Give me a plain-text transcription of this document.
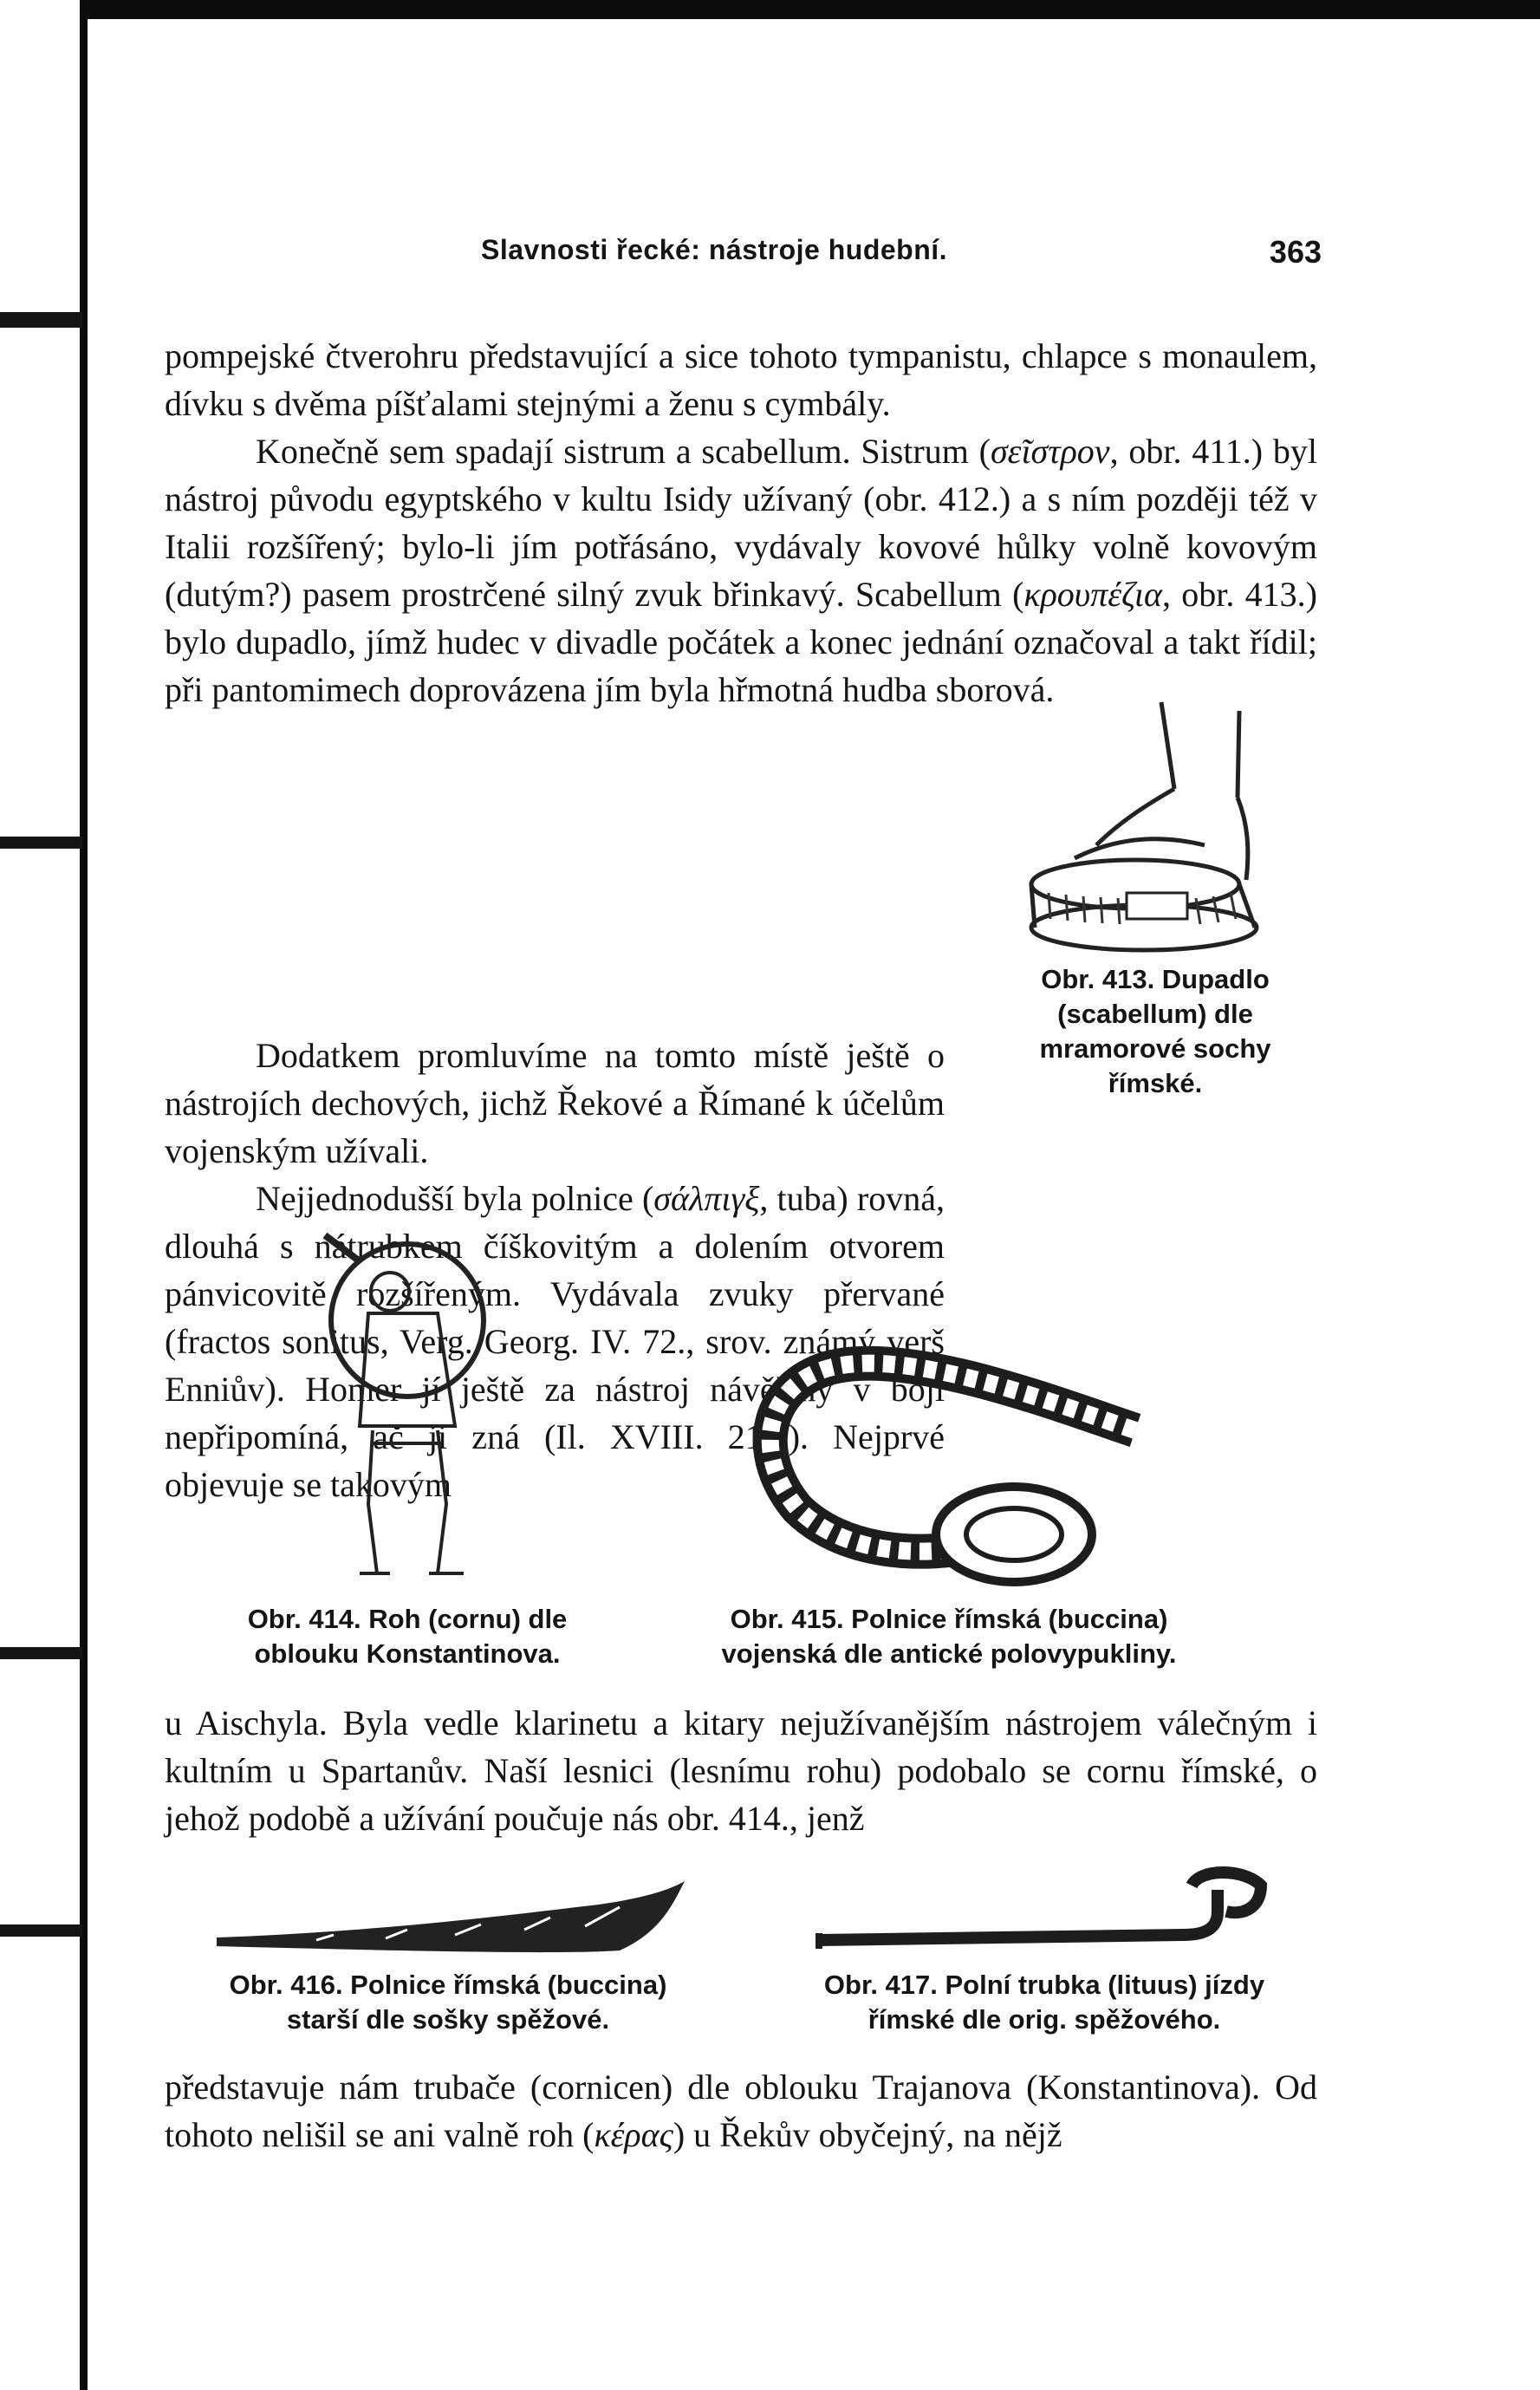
Slavnosti řecké: nástroje hudební.	363

pompejské čtverohru představující a sice tohoto tympanistu, chlapce s monaulem, dívku s dvěma píšťalami stejnými a ženu s cymbály.

Konečně sem spadají sistrum a scabellum. Sistrum (σεῖστρον, obr. 411.) byl nástroj původu egyptského v kultu Isidy užívaný (obr. 412.) a s ním později též v Italii rozšířený; bylo-li jím potřásáno, vydávaly kovové hůlky volně kovovým (dutým?) pasem prostrčené silný zvuk břinkavý. Scabellum (κρουπέζια, obr. 413.) bylo dupadlo, jímž hudec v divadle počátek a konec jednání označoval a takt řídil; při pantomimech doprovázena jím byla hřmotná hudba sborová.

Dodatkem promluvíme na tomto místě ještě o nástrojích dechových, jichž Řekové a Římané k účelům vojenským užívali.

Nejjednodušší byla polnice (σάλπιγξ, tuba) rovná, dlouhá s nátrubkem číškovitým a dolením otvorem pánvicovitě rozšířeným. Vydávala zvuky přervané (fractos sonitus, Verg. Georg. IV. 72., srov. známý verš Enniův). Homer jí ještě za nástroj návěštný v boji nepřipomíná, ač ji zná (Il. XVIII. 219.). Nejprvé objevuje se takovým

Obr. 413. Dupadlo (scabellum) dle mramorové sochy římské.
Obr. 414. Roh (cornu) dle oblouku Konstantinova.
Obr. 415. Polnice římská (buccina) vojenská dle antické polovypukliny.

u Aischyla. Byla vedle klarinetu a kitary nejužívanějším nástrojem válečným i kultním u Spartanův. Naší lesnici (lesnímu rohu) podobalo se cornu římské, o jehož podobě a užívání poučuje nás obr. 414., jenž

Obr. 416. Polnice římská (buccina) starší dle sošky spěžové.
Obr. 417. Polní trubka (lituus) jízdy římské dle orig. spěžového.

představuje nám trubače (cornicen) dle oblouku Trajanova (Konstantinova). Od tohoto nelišil se ani valně roh (κέρας) u Řekův obyčejný, na nějž
